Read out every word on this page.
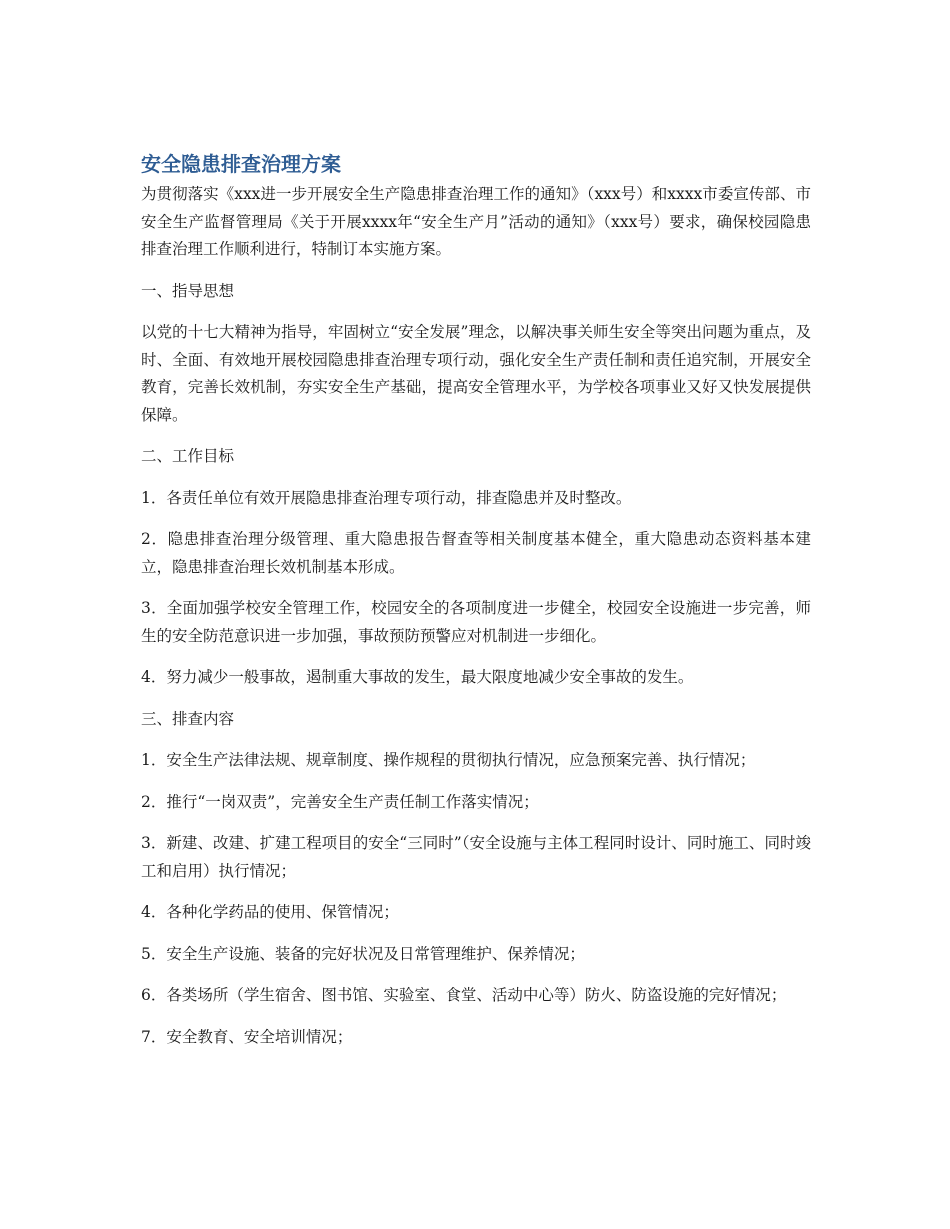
安全隐患排查治理方案

为贯彻落实《xxx进一步开展安全生产隐患排查治理工作的通知》（xxx号）和xxxx市委宣传部、市安全生产监督管理局《关于开展xxxx年“安全生产月”活动的通知》（xxx号）要求，确保校园隐患排查治理工作顺利进行，特制订本实施方案。

一、指导思想

以党的十七大精神为指导，牢固树立“安全发展”理念，以解决事关师生安全等突出问题为重点，及时、全面、有效地开展校园隐患排查治理专项行动，强化安全生产责任制和责任追究制，开展安全教育，完善长效机制，夯实安全生产基础，提高安全管理水平，为学校各项事业又好又快发展提供保障。

二、工作目标

1．各责任单位有效开展隐患排查治理专项行动，排查隐患并及时整改。

2．隐患排查治理分级管理、重大隐患报告督查等相关制度基本健全，重大隐患动态资料基本建立，隐患排查治理长效机制基本形成。

3．全面加强学校安全管理工作，校园安全的各项制度进一步健全，校园安全设施进一步完善，师生的安全防范意识进一步加强，事故预防预警应对机制进一步细化。

4．努力减少一般事故，遏制重大事故的发生，最大限度地减少安全事故的发生。

三、排查内容

1．安全生产法律法规、规章制度、操作规程的贯彻执行情况，应急预案完善、执行情况；

2．推行“一岗双责”，完善安全生产责任制工作落实情况；

3．新建、改建、扩建工程项目的安全“三同时”（安全设施与主体工程同时设计、同时施工、同时竣工和启用）执行情况；

4．各种化学药品的使用、保管情况；

5．安全生产设施、装备的完好状况及日常管理维护、保养情况；

6．各类场所（学生宿舍、图书馆、实验室、食堂、活动中心等）防火、防盗设施的完好情况；

7．安全教育、安全培训情况；
